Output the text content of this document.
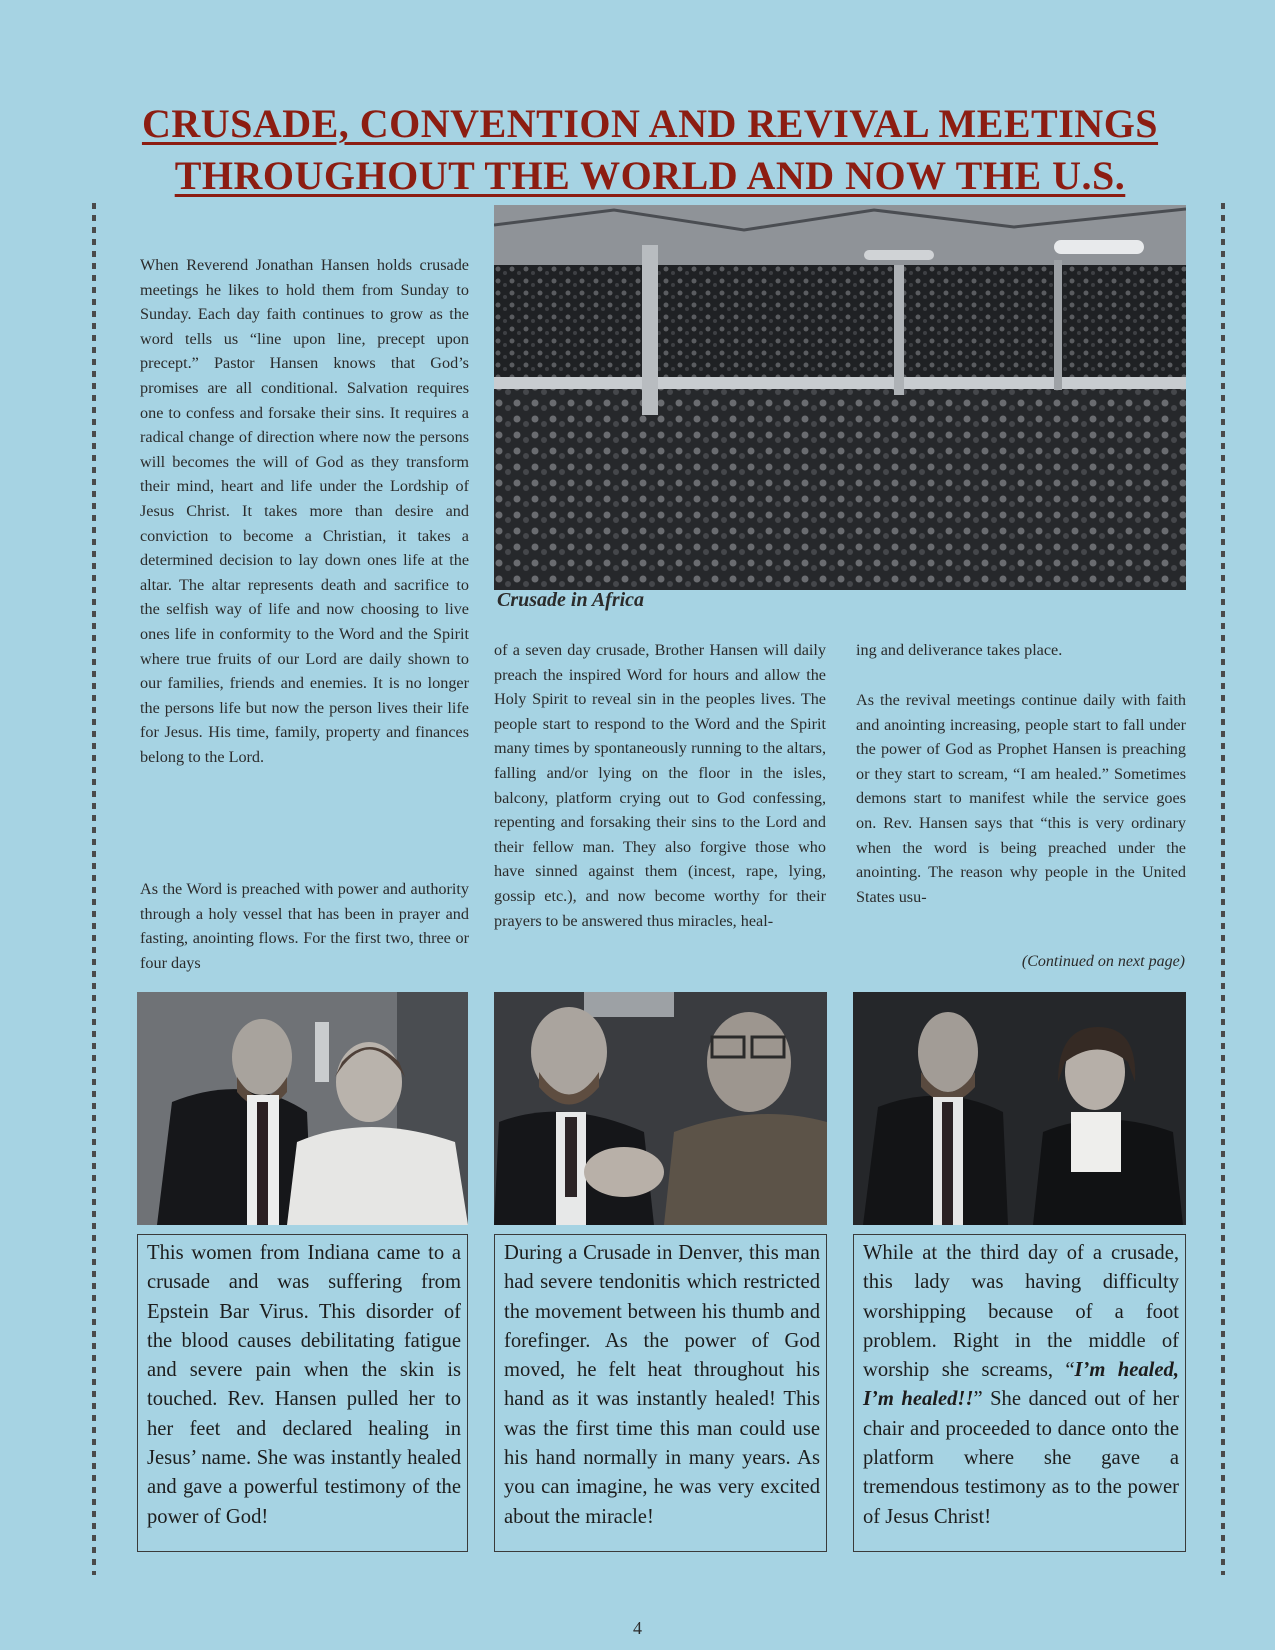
CRUSADE, CONVENTION AND REVIVAL MEETINGS
THROUGHOUT THE WORLD AND NOW THE U.S.

When Reverend Jonathan Hansen holds crusade meetings he likes to hold them from Sunday to Sunday. Each day faith continues to grow as the word tells us “line upon line, precept upon precept.” Pastor Hansen knows that God’s promises are all conditional. Salvation requires one to confess and forsake their sins. It requires a radical change of direction where now the persons will becomes the will of God as they transform their mind, heart and life under the Lordship of Jesus Christ. It takes more than desire and conviction to become a Christian, it takes a determined decision to lay down ones life at the altar. The altar represents death and sacrifice to the selfish way of life and now choosing to live ones life in conformity to the Word and the Spirit where true fruits of our Lord are daily shown to our families, friends and enemies. It is no longer the persons life but now the person lives their life for Jesus. His time, family, property and finances belong to the Lord.

As the Word is preached with power and authority through a holy vessel that has been in prayer and fasting, anointing flows. For the first two, three or four days

Crusade in Africa

of a seven day crusade, Brother Hansen will daily preach the inspired Word for hours and allow the Holy Spirit to reveal sin in the peoples lives. The people start to respond to the Word and the Spirit many times by spontaneously running to the altars, falling and/or lying on the floor in the isles, balcony, platform crying out to God confessing, repenting and forsaking their sins to the Lord and their fellow man. They also forgive those who have sinned against them (incest, rape, lying, gossip etc.), and now become worthy for their prayers to be answered thus miracles, heal-

ing and deliverance takes place.

As the revival meetings continue daily with faith and anointing increasing, people start to fall under the power of God as Prophet Hansen is preaching or they start to scream, “I am healed.” Sometimes demons start to manifest while the service goes on. Rev. Hansen says that “this is very ordinary when the word is being preached under the anointing. The reason why people in the United States usu-

(Continued on next page)

This women from Indiana came to a crusade and was suffering from Epstein Bar Virus. This disorder of the blood causes debilitating fatigue and severe pain when the skin is touched. Rev. Hansen pulled her to her feet and declared healing in Jesus’ name. She was instantly healed and gave a powerful testimony of the power of God!

During a Crusade in Denver, this man had severe tendonitis which restricted the movement between his thumb and forefinger. As the power of God moved, he felt heat throughout his hand as it was instantly healed! This was the first time this man could use his hand normally in many years. As you can imagine, he was very excited about the miracle!

While at the third day of a crusade, this lady was having difficulty worshipping because of a foot problem. Right in the middle of worship she screams, “I’m healed, I’m healed!!” She danced out of her chair and proceeded to dance onto the platform where she gave a tremendous testimony as to the power of Jesus Christ!

4
